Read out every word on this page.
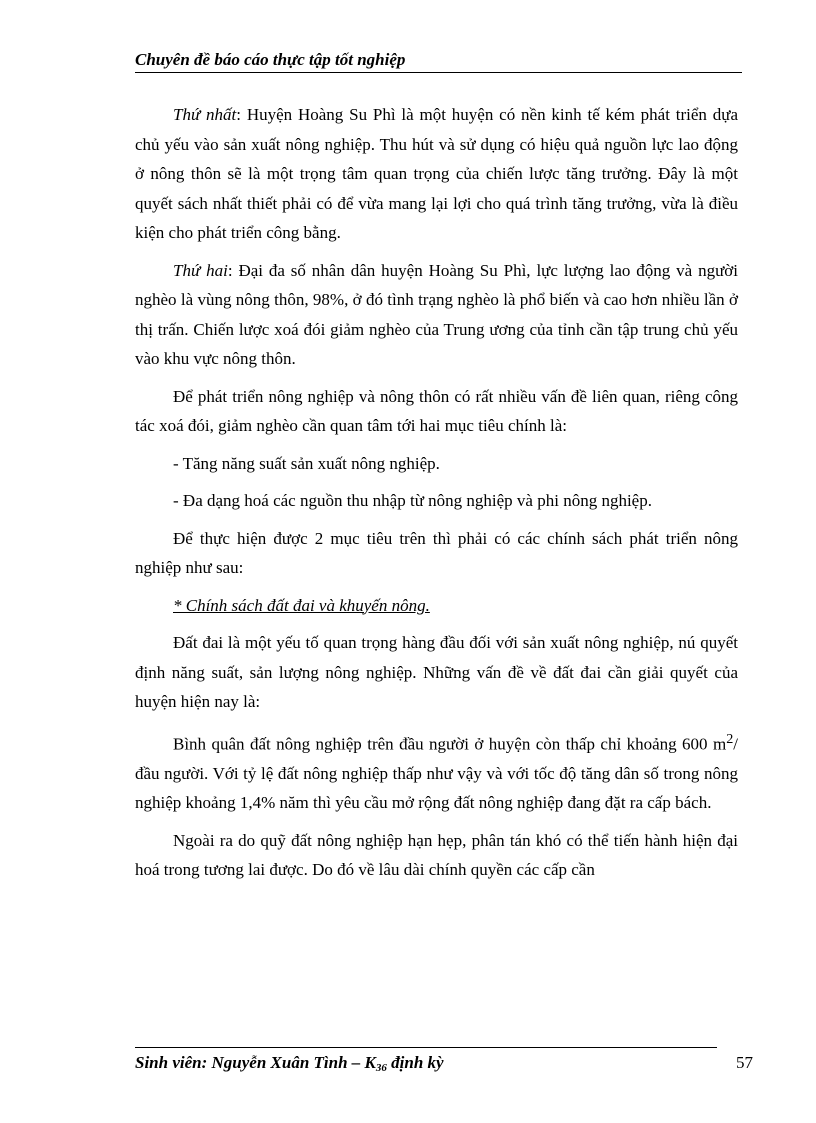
Chuyên đề báo cáo thực tập tốt nghiệp

Thứ nhất: Huyện Hoàng Su Phì là một huyện có nền kinh tế kém phát triển dựa chủ yếu vào sản xuất nông nghiệp. Thu hút và sử dụng có hiệu quả nguồn lực lao động ở nông thôn sẽ là một trọng tâm quan trọng của chiến lược tăng trưởng. Đây là một quyết sách nhất thiết phải có để vừa mang lại lợi cho quá trình tăng trưởng, vừa là điều kiện cho phát triển công bằng.

Thứ hai: Đại đa số nhân dân huyện Hoàng Su Phì, lực lượng lao động và người nghèo là vùng nông thôn, 98%, ở đó tình trạng nghèo là phổ biến và cao hơn nhiều lần ở thị trấn. Chiến lược xoá đói giảm nghèo của Trung ương của tỉnh cần tập trung chủ yếu vào khu vực nông thôn.

Để phát triển nông nghiệp và nông thôn có rất nhiều vấn đề liên quan, riêng công tác xoá đói, giảm nghèo cần quan tâm tới hai mục tiêu chính là:

- Tăng năng suất sản xuất nông nghiệp.

- Đa dạng hoá các nguồn thu nhập từ nông nghiệp và phi nông nghiệp.

Để thực hiện được 2 mục tiêu trên thì phải có các chính sách phát triển nông nghiệp như sau:

* Chính sách đất đai và khuyến nông.

Đất đai là một yếu tố quan trọng hàng đầu đối với sản xuất nông nghiệp, nú quyết định năng suất, sản lượng nông nghiệp. Những vấn đề về đất đai cần giải quyết của huyện hiện nay là:

Bình quân đất nông nghiệp trên đầu người ở huyện còn thấp chỉ khoảng 600 $m^2/$ đầu người. Với tỷ lệ đất nông nghiệp thấp như vậy và với tốc độ tăng dân số trong nông nghiệp khoảng 1,4% năm thì yêu cầu mở rộng đất nông nghiệp đang đặt ra cấp bách.

Ngoài ra do quỹ đất nông nghiệp hạn hẹp, phân tán khó có thể tiến hành hiện đại hoá trong tương lai được. Do đó về lâu dài chính quyền các cấp cần

Sinh viên: Nguyễn Xuân Tình – $K_{36}$ định kỳ	57
